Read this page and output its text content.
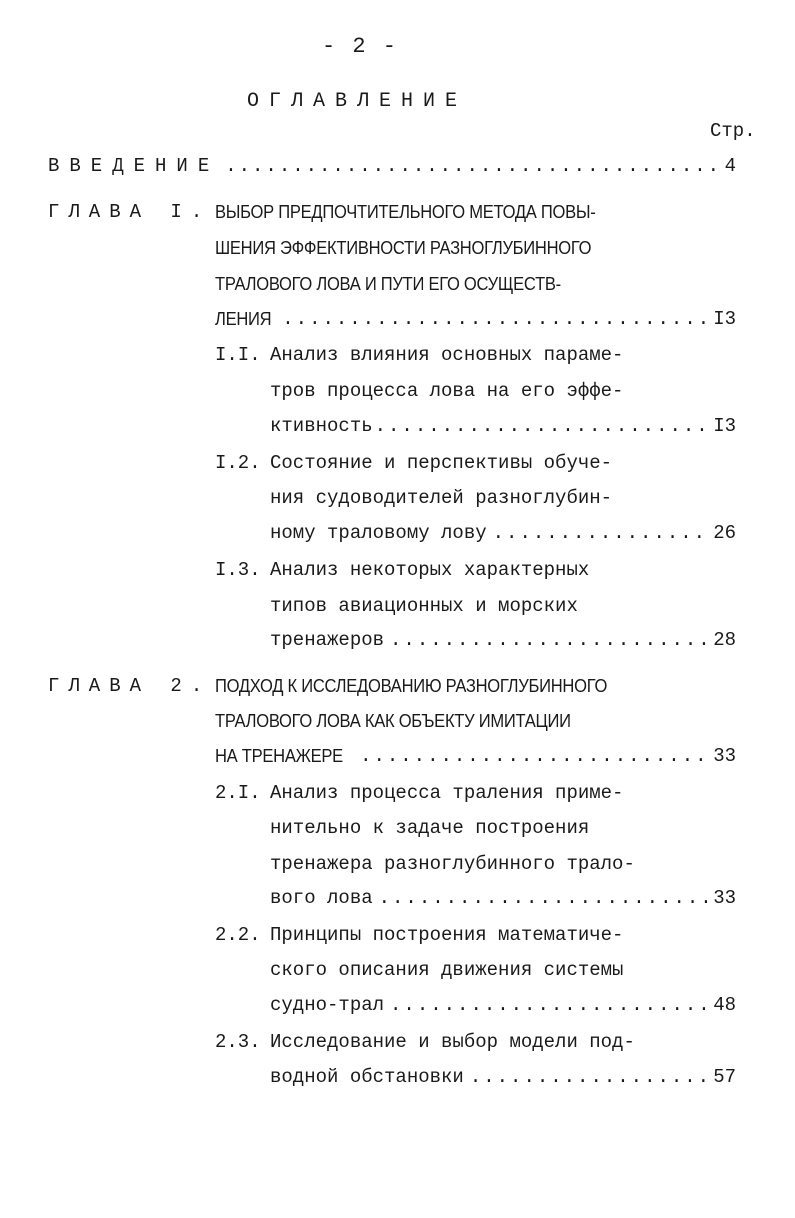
- 2 -
ОГЛАВЛЕНИЕ
Стр.
ВВЕДЕНИЕ .....	4
ГЛАВА I. ВЫБОР ПРЕДПОЧТИТЕЛЬНОГО МЕТОДА ПОВЫ-
ШЕНИЯ ЭФФЕКТИВНОСТИ РАЗНОГЛУБИННОГО
ТРАЛОВОГО ЛОВА И ПУТИ ЕГО ОСУЩЕСТВ-
ЛЕНИЯ .....	I3
I.I. Анализ влияния основных параме-
тров процесса лова на его эффе-
ктивность .....	I3
I.2. Состояние и перспективы обуче-
ния судоводителей разноглубин-
ному траловому лову .....	26
I.3. Анализ некоторых характерных
типов авиационных и морских
тренажеров .....	28
ГЛАВА 2. ПОДХОД К ИССЛЕДОВАНИЮ РАЗНОГЛУБИННОГО
ТРАЛОВОГО ЛОВА КАК ОБЪЕКТУ ИМИТАЦИИ
НА ТРЕНАЖЕРЕ .....	33
2.I. Анализ процесса траления приме-
нительно к задаче построения
тренажера разноглубинного трало-
вого лова .....	33
2.2. Принципы построения математиче-
ского описания движения системы
судно-трал .....	48
2.3. Исследование и выбор модели под-
водной обстановки .....	57
